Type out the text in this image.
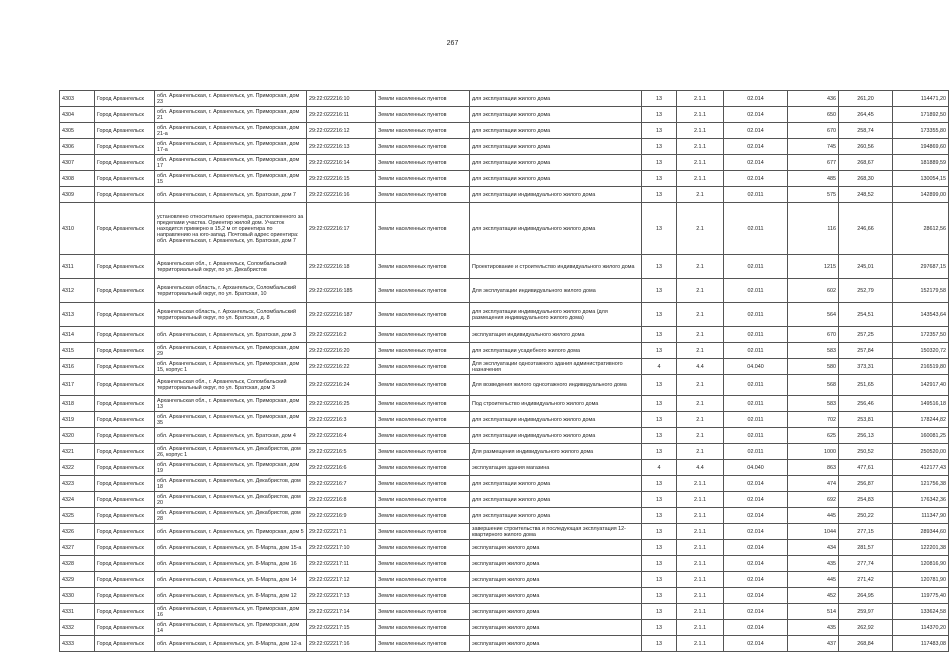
267
4303	Город Архангельск	обл. Архангельская, г. Архангельск, ул. Приморская, дом 23	29:22:022216:10	Земли населенных пунктов	для эксплуатации жилого дома	13	2.1.1	02.014	436	261,20	114471,20
4304	Город Архангельск	обл. Архангельская, г. Архангельск, ул. Приморская, дом 21	29:22:022216:11	Земли населенных пунктов	для эксплуатации жилого дома	13	2.1.1	02.014	650	264,45	171892,50
4305	Город Архангельск	обл. Архангельская, г. Архангельск, ул. Приморская, дом 21-а	29:22:022216:12	Земли населенных пунктов	для эксплуатации жилого дома	13	2.1.1	02.014	670	258,74	173355,80
4306	Город Архангельск	обл. Архангельская, г. Архангельск, ул. Приморская, дом 17-а	29:22:022216:13	Земли населенных пунктов	для эксплуатации жилого дома	13	2.1.1	02.014	745	260,56	194869,60
4307	Город Архангельск	обл. Архангельская, г. Архангельск, ул. Приморская, дом 17	29:22:022216:14	Земли населенных пунктов	для эксплуатации жилого дома	13	2.1.1	02.014	677	268,67	181889,59
4308	Город Архангельск	обл. Архангельская, г. Архангельск, ул. Приморская, дом 15	29:22:022216:15	Земли населенных пунктов	для эксплуатации жилого дома	13	2.1.1	02.014	485	268,30	130054,15
4309	Город Архангельск	обл. Архангельская, г. Архангельск, ул. Братская, дом 7	29:22:022216:16	Земли населенных пунктов	для эксплуатации индивидуального жилого дома	13	2.1	02.011	575	248,52	142899,00
4310	Город Архангельск	установлено относительно ориентира, расположенного за пределами участка. Ориентир жилой дом. Участок находится примерно в 15,2 м от ориентира по направлению на юго-запад. Почтовый адрес ориентира: обл. Архангельская, г. Архангельск, ул. Братская, дом 7	29:22:022216:17	Земли населенных пунктов	для эксплуатации индивидуального жилого дома	13	2.1	02.011	116	246,66	28612,56
4311	Город Архангельск	Архангельская обл., г. Архангельск, Соломбальский территориальный округ, по ул. Декабристов	29:22:022216:18	Земли населенных пунктов	Проектирование и строительство индивидуального жилого дома	13	2.1	02.011	1215	245,01	297687,15
4312	Город Архангельск	Архангельская область, г. Архангельск, Соломбальский территориальный округ, по ул. Братская, 10	29:22:022216:185	Земли населенных пунктов	Для эксплуатации индивидуального жилого дома	13	2.1	02.011	602	252,79	152179,58
4313	Город Архангельск	Архангельская область, г. Архангельск, Соломбальский территориальный округ, по ул. Братская, д. 8	29:22:022216:187	Земли населенных пунктов	для эксплуатации индивидуального жилого дома (для размещения индивидуального жилого дома)	13	2.1	02.011	564	254,51	143543,64
4314	Город Архангельск	обл. Архангельская, г. Архангельск, ул. Братская, дом 3	29:22:022216:2	Земли населенных пунктов	эксплуатация индивидуального жилого дома	13	2.1	02.011	670	257,25	172357,50
4315	Город Архангельск	обл. Архангельская, г. Архангельск, ул. Приморская, дом 29	29:22:022216:20	Земли населенных пунктов	для эксплуатации усадебного жилого дома	13	2.1	02.011	583	257,84	150320,72
4316	Город Архангельск	обл. Архангельская, г. Архангельск, ул. Приморская, дом 15, корпус 1	29:22:022216:22	Земли населенных пунктов	Для эксплуатации одноэтажного здания административного назначения	4	4.4	04.040	580	373,31	216519,80
4317	Город Архангельск	Архангельская обл., г. Архангельск, Соломбальский территориальный округ, по ул. Братская, дом 3	29:22:022216:24	Земли населенных пунктов	Для возведения жилого одноэтажного индивидуального дома	13	2.1	02.011	568	251,65	142917,40
4318	Город Архангельск	Архангельская обл., г. Архангельск, ул. Приморская, дом 13	29:22:022216:25	Земли населенных пунктов	Под строительство индивидуального жилого дома	13	2.1	02.011	583	256,46	149516,18
4319	Город Архангельск	обл. Архангельская, г. Архангельск, ул. Приморская, дом 35	29:22:022216:3	Земли населенных пунктов	для эксплуатации индивидуального жилого дома	13	2.1	02.011	702	253,81	178244,82
4320	Город Архангельск	обл. Архангельская, г. Архангельск, ул. Братская, дом 4	29:22:022216:4	Земли населенных пунктов	для эксплуатации индивидуального жилого дома	13	2.1	02.011	625	256,13	160081,25
4321	Город Архангельск	обл. Архангельская, г. Архангельск, ул. Декабристов, дом 26, корпус 1	29:22:022216:5	Земли населенных пунктов	Для размещения индивидуального жилого дома	13	2.1	02.011	1000	250,52	250520,00
4322	Город Архангельск	обл. Архангельская, г. Архангельск, ул. Приморская, дом 19	29:22:022216:6	Земли населенных пунктов	эксплуатация здания магазина	4	4.4	04.040	863	477,61	412177,43
4323	Город Архангельск	обл. Архангельская, г. Архангельск, ул. Декабристов, дом 18	29:22:022216:7	Земли населенных пунктов	для эксплуатации жилого дома	13	2.1.1	02.014	474	256,87	121756,38
4324	Город Архангельск	обл. Архангельская, г. Архангельск, ул. Декабристов, дом 20	29:22:022216:8	Земли населенных пунктов	для эксплуатации жилого дома	13	2.1.1	02.014	692	254,83	176342,36
4325	Город Архангельск	обл. Архангельская, г. Архангельск, ул. Декабристов, дом 28	29:22:022216:9	Земли населенных пунктов	для эксплуатации жилого дома	13	2.1.1	02.014	445	250,22	111347,90
4326	Город Архангельск	обл. Архангельская, г. Архангельск, ул. Приморская, дом 5	29:22:022217:1	Земли населенных пунктов	завершение строительства и последующая эксплуатация 12-квартирного жилого дома	13	2.1.1	02.014	1044	277,15	289344,60
4327	Город Архангельск	обл. Архангельская, г. Архангельск, ул. 8-Марта, дом 15-а	29:22:022217:10	Земли населенных пунктов	эксплуатация жилого дома	13	2.1.1	02.014	434	281,57	122201,38
4328	Город Архангельск	обл. Архангельская, г. Архангельск, ул. 8-Марта, дом 16	29:22:022217:11	Земли населенных пунктов	эксплуатация жилого дома	13	2.1.1	02.014	435	277,74	120816,90
4329	Город Архангельск	обл. Архангельская, г. Архангельск, ул. 8-Марта, дом 14	29:22:022217:12	Земли населенных пунктов	эксплуатация жилого дома	13	2.1.1	02.014	445	271,42	120781,90
4330	Город Архангельск	обл. Архангельская, г. Архангельск, ул. 8-Марта, дом 12	29:22:022217:13	Земли населенных пунктов	эксплуатация жилого дома	13	2.1.1	02.014	452	264,95	119775,40
4331	Город Архангельск	обл. Архангельская, г. Архангельск, ул. Приморская, дом 16	29:22:022217:14	Земли населенных пунктов	эксплуатация жилого дома	13	2.1.1	02.014	514	259,97	133624,58
4332	Город Архангельск	обл. Архангельская, г. Архангельск, ул. Приморская, дом 14	29:22:022217:15	Земли населенных пунктов	эксплуатация жилого дома	13	2.1.1	02.014	435	262,92	114370,20
4333	Город Архангельск	обл. Архангельская, г. Архангельск, ул. 8-Марта, дом 12-а	29:22:022217:16	Земли населенных пунктов	эксплуатация жилого дома	13	2.1.1	02.014	437	268,84	117483,08
